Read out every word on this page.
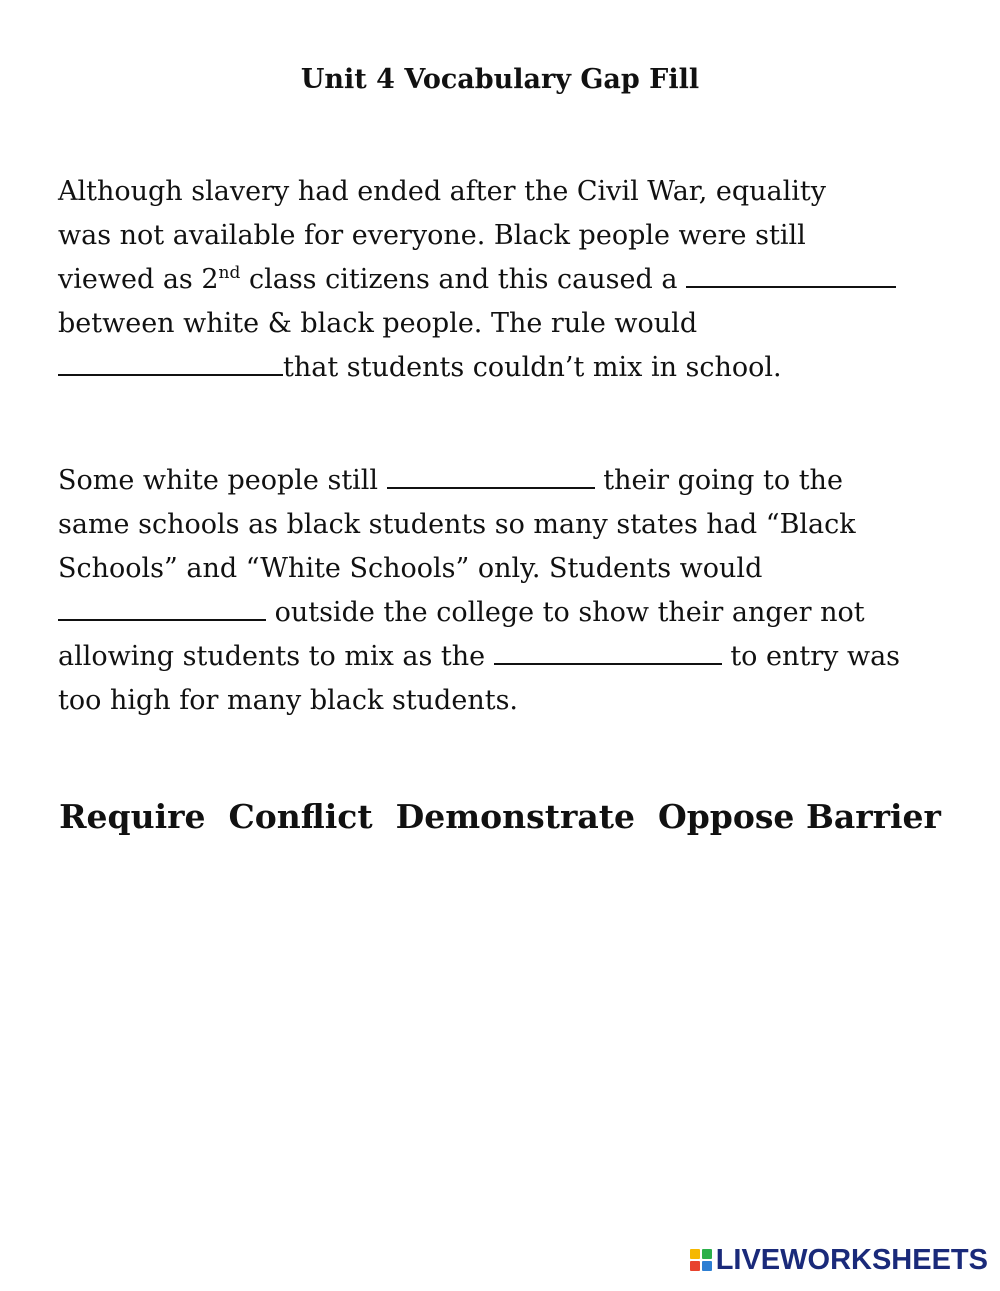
Unit 4 Vocabulary Gap Fill

Although slavery had ended after the Civil War, equality
was not available for everyone. Black people were still
viewed as 2nd class citizens and this caused a
between white & black people. The rule would
that students couldn’t mix in school.

Some white people still	their going to the
same schools as black students so many states had “Black
Schools” and “White Schools” only. Students would
outside the college to show their anger not
allowing students to mix as the	to entry was
too high for many black students.

Require Conflict Demonstrate Oppose Barrier
LIVEWORKSHEETS
